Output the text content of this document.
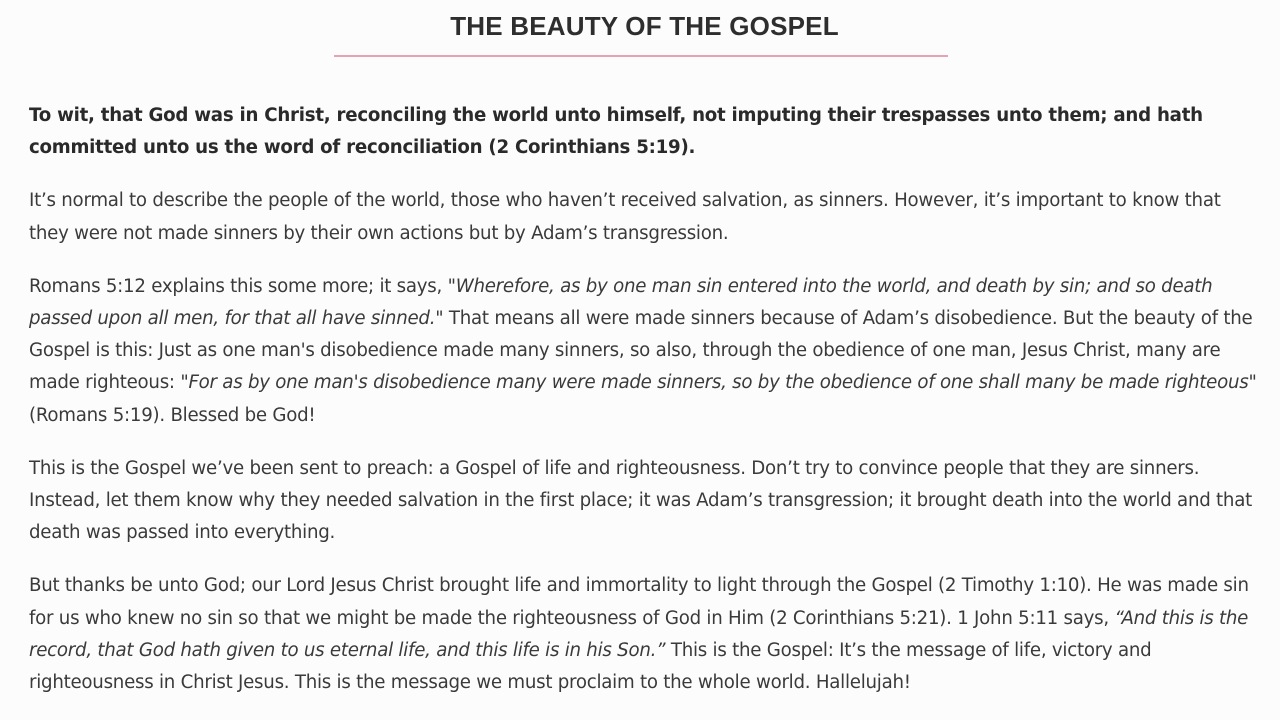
THE BEAUTY OF THE GOSPEL

To wit, that God was in Christ, reconciling the world unto himself, not imputing their trespasses unto them; and hath committed unto us the word of reconciliation (2 Corinthians 5:19).

It’s normal to describe the people of the world, those who haven’t received salvation, as sinners. However, it’s important to know that they were not made sinners by their own actions but by Adam’s transgression.

Romans 5:12 explains this some more; it says, "Wherefore, as by one man sin entered into the world, and death by sin; and so death passed upon all men, for that all have sinned." That means all were made sinners because of Adam’s disobedience. But the beauty of the Gospel is this: Just as one man's disobedience made many sinners, so also, through the obedience of one man, Jesus Christ, many are made righteous: "For as by one man's disobedience many were made sinners, so by the obedience of one shall many be made righteous" (Romans 5:19). Blessed be God!

This is the Gospel we’ve been sent to preach: a Gospel of life and righteousness. Don’t try to convince people that they are sinners. Instead, let them know why they needed salvation in the first place; it was Adam’s transgression; it brought death into the world and that death was passed into everything.

But thanks be unto God; our Lord Jesus Christ brought life and immortality to light through the Gospel (2 Timothy 1:10). He was made sin for us who knew no sin so that we might be made the righteousness of God in Him (2 Corinthians 5:21). 1 John 5:11 says, “And this is the record, that God hath given to us eternal life, and this life is in his Son.” This is the Gospel: It’s the message of life, victory and righteousness in Christ Jesus. This is the message we must proclaim to the whole world. Hallelujah!
